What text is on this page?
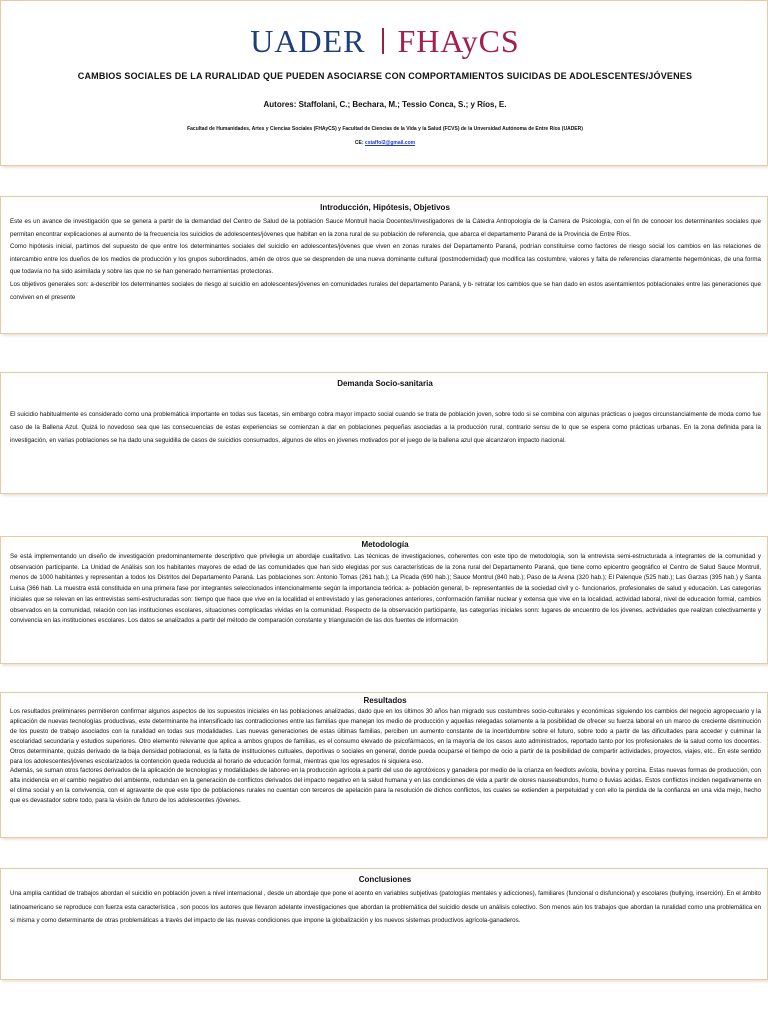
UADER FHAyCS
CAMBIOS SOCIALES DE LA RURALIDAD QUE PUEDEN ASOCIARSE CON COMPORTAMIENTOS SUICIDAS DE ADOLESCENTES/JÓVENES
Autores: Staffolani, C.; Bechara, M.; Tessio Conca, S.; y Ríos, E.
Facultad de Humanidades, Artes y Ciencias Sociales (FHAyCS) y Facultad de Ciencias de la Vida y la Salud (FCVS) de la Unversidad Autónoma de Entre Ríos (UADER)
CE: cstaffol2@gmail.com
Introducción, Hipótesis, Objetivos

Este es un avance de investigación que se genera a partir de la demandad del Centro de Salud de la población Sauce Montrull hacia Docentes/Investigadores de la Cátedra Antropología de la Carrera de Psicología, con el fin de conocer los determinantes sociales que permitan encontrar explicaciones al aumento de la frecuencia los suicidios de adolescentes/jóvenes que habitan en la zona rural de su población de referencia, que abarca el departamento Paraná de la Provincia de Entre Ríos.

Como hipótesis inicial, partimos del supuesto de que entre los determinantes sociales del suicidio en adolescentes/jóvenes que viven en zonas rurales del Departamento Paraná, podrían constituirse como factores de riesgo social los cambios en las relaciones de intercambio entre los dueños de los medios de producción y los grupos subordinados, amén de otros que se desprenden de una nueva dominante cultural (postmodernidad) que modifica las costumbre, valores y falta de referencias claramente hegemónicas, de una forma que todavía no ha sido asimilada y sobre las que no se han generado herramientas protectoras.

Los objetivos generales son: a-describir los determinantes sociales de riesgo al suicidio en adolescentes/jóvenes en comunidades rurales del departamento Paraná, y b- retratar los cambios que se han dado en estos asentamientos poblacionales entre las generaciones que conviven en el presente

Demanda Socio-sanitaria

El suicidio habitualmente es considerado como una problemática importante en todas sus facetas, sin embargo cobra mayor impacto social cuando se trata de población joven, sobre todo si se combina con algunas prácticas o juegos circunstancialmente de moda como fue caso de la Ballena Azul. Quizá lo novedoso sea que las consecuencias de estas experiencias se comienzan a dar en poblaciones pequeñas asociadas a la producción rural, contrario sensu de lo que se espera como prácticas urbanas. En la zona definida para la investigación, en varias poblaciones se ha dado una seguidilla de casos de suicidios consumados, algunos de ellos en jóvenes motivados por el juego de la ballena azul que alcanzaron impacto nacional.

Metodología

Se está implementando un diseño de investigación predominantemente descriptivo que privilegia un abordaje cualitativo. Las técnicas de investigaciones, coherentes con este tipo de metodología, son la entrevista semi-estructurada a integrantes de la comunidad y observación participante. La Unidad de Análisis son los habitantes mayores de edad de las comunidades que han sido elegidas por sus características de la zona rural del Departamento Paraná, que tiene como epicentro geográfico el Centro de Salud Sauce Montrull, menos de 1000 habitantes y representan a todos los Distritos del Departamento Paraná. Las poblaciones son: Antonio Tomas (261 hab.); La Picada (690 hab.); Sauce Montrul (840 hab.); Paso de la Arena (320 hab.); El Palenque (525 hab.); Las Garzas (395 hab.) y Santa Luisa (366 hab. La muestra está constituida en una primera fase por integrantes seleccionados intencionalmente según la importancia teórica: a- población general, b- representantes de la sociedad civil y c- funcionarios, profesionales de salud y educación. Las categorías iniciales que se relevan en las entrevistas semi-estructuradas son: tiempo que hace que vive en la localidad el entrevistado y las generaciones anteriores, conformación familiar nuclear y extensa que vive en la localidad, actividad laboral, nivel de educación formal, cambios observados en la comunidad, relación con las instituciones escolares, situaciones complicadas vividas en la comunidad. Respecto de la observación participante, las categorías iniciales sonn: lugares de encuentro de los jóvenes, actividades que realizan colectivamente y convivencia en las instituciones escolares. Los datos se analizados a partir del método de comparación constante y triangulación de las dos fuentes de información

Resultados

Los resultados preliminares permitieron confirmar algunos aspectos de los supuestos iniciales en las poblaciones analizadas, dado que en los últimos 30 años han migrado sus costumbres socio-culturales y económicas siguiendo los cambios del negocio agropecuario y la aplicación de nuevas tecnologías productivas, este determinante ha intensificado las contradicciones entre las familias que manejan los medio de producción y aquellas relegadas solamente a la posibilidad de ofrecer su fuerza laboral en un marco de creciente disminución de los puesto de trabajo asociados con la ruralidad en todas sus modalidades. Las nuevas generaciones de estas últimas familias, perciben un aumento constante de la incertidumbre sobre el futuro, sobre todo a partir de las dificultades para acceder y culminar la escolaridad secundaria y estudios superiores. Otro elemento relevante que aplica a ambos grupos de familias, es el consumo elevado de psicofármacos, en la mayoría de los casos auto administrados, reportado tanto por los profesionales de la salud como los docentes. Otros determinante, quizás derivado de la baja densidad poblacional, es la falta de instituciones cultuales, deportivas o sociales en general, donde pueda ocuparse el tiempo de ocio a partir de la posibilidad de compartir actividades, proyectos, viajes, etc.. En este sentido para los adolescentes/jóvenes escolarizados la contención queda reducida al horario de educación formal, mientras que los egresados ni siquiera eso.

Además, se suman otros factores derivados de la aplicación de tecnologías y modalidades de laboreo en la producción agrícola a partir del uso de agrotóxicos y ganadera por medio de la crianza en feedlots avícola, bovina y porcina. Estas nuevas formas de producción, con alta incidencia en el cambio negativo del ambiente, redundan en la generación de conflictos derivados del impacto negativo en la salud humana y en las condiciones de vida a partir de olores nauseabundos, humo o lluvias acidas. Estos conflictos inciden negativamente en el clima social y en la convivencia, con el agravante de que este tipo de poblaciones rurales no cuentan con terceros de apelación para la resolución de dichos conflictos, los cuales se extienden a perpetuidad y con ello la perdida de la confianza en una vida mejo, hecho que es devastador sobre todo, para la visión de futuro de los adolescentes /jóvenes.

Conclusiones

Una amplia cantidad de trabajos abordan el suicidio en población joven a nivel internacional , desde un abordaje que pone el acento en variables subjetivas (patologías mentales y adicciones), familiares (funcional o disfuncional) y escolares (bullying, inserción). En el ámbito latinoamericano se reproduce con fuerza esta característica , son pocos los autores que llevaron adelante investigaciones que abordan la problemática del suicidio desde un análisis colectivo. Son menos aún los trabajos que abordan la ruralidad como una problemática en sí misma y como determinante de otras problemáticas a través del impacto de las nuevas condiciones que impone la globalización y los nuevos sistemas productivos agrícola-ganaderos.
